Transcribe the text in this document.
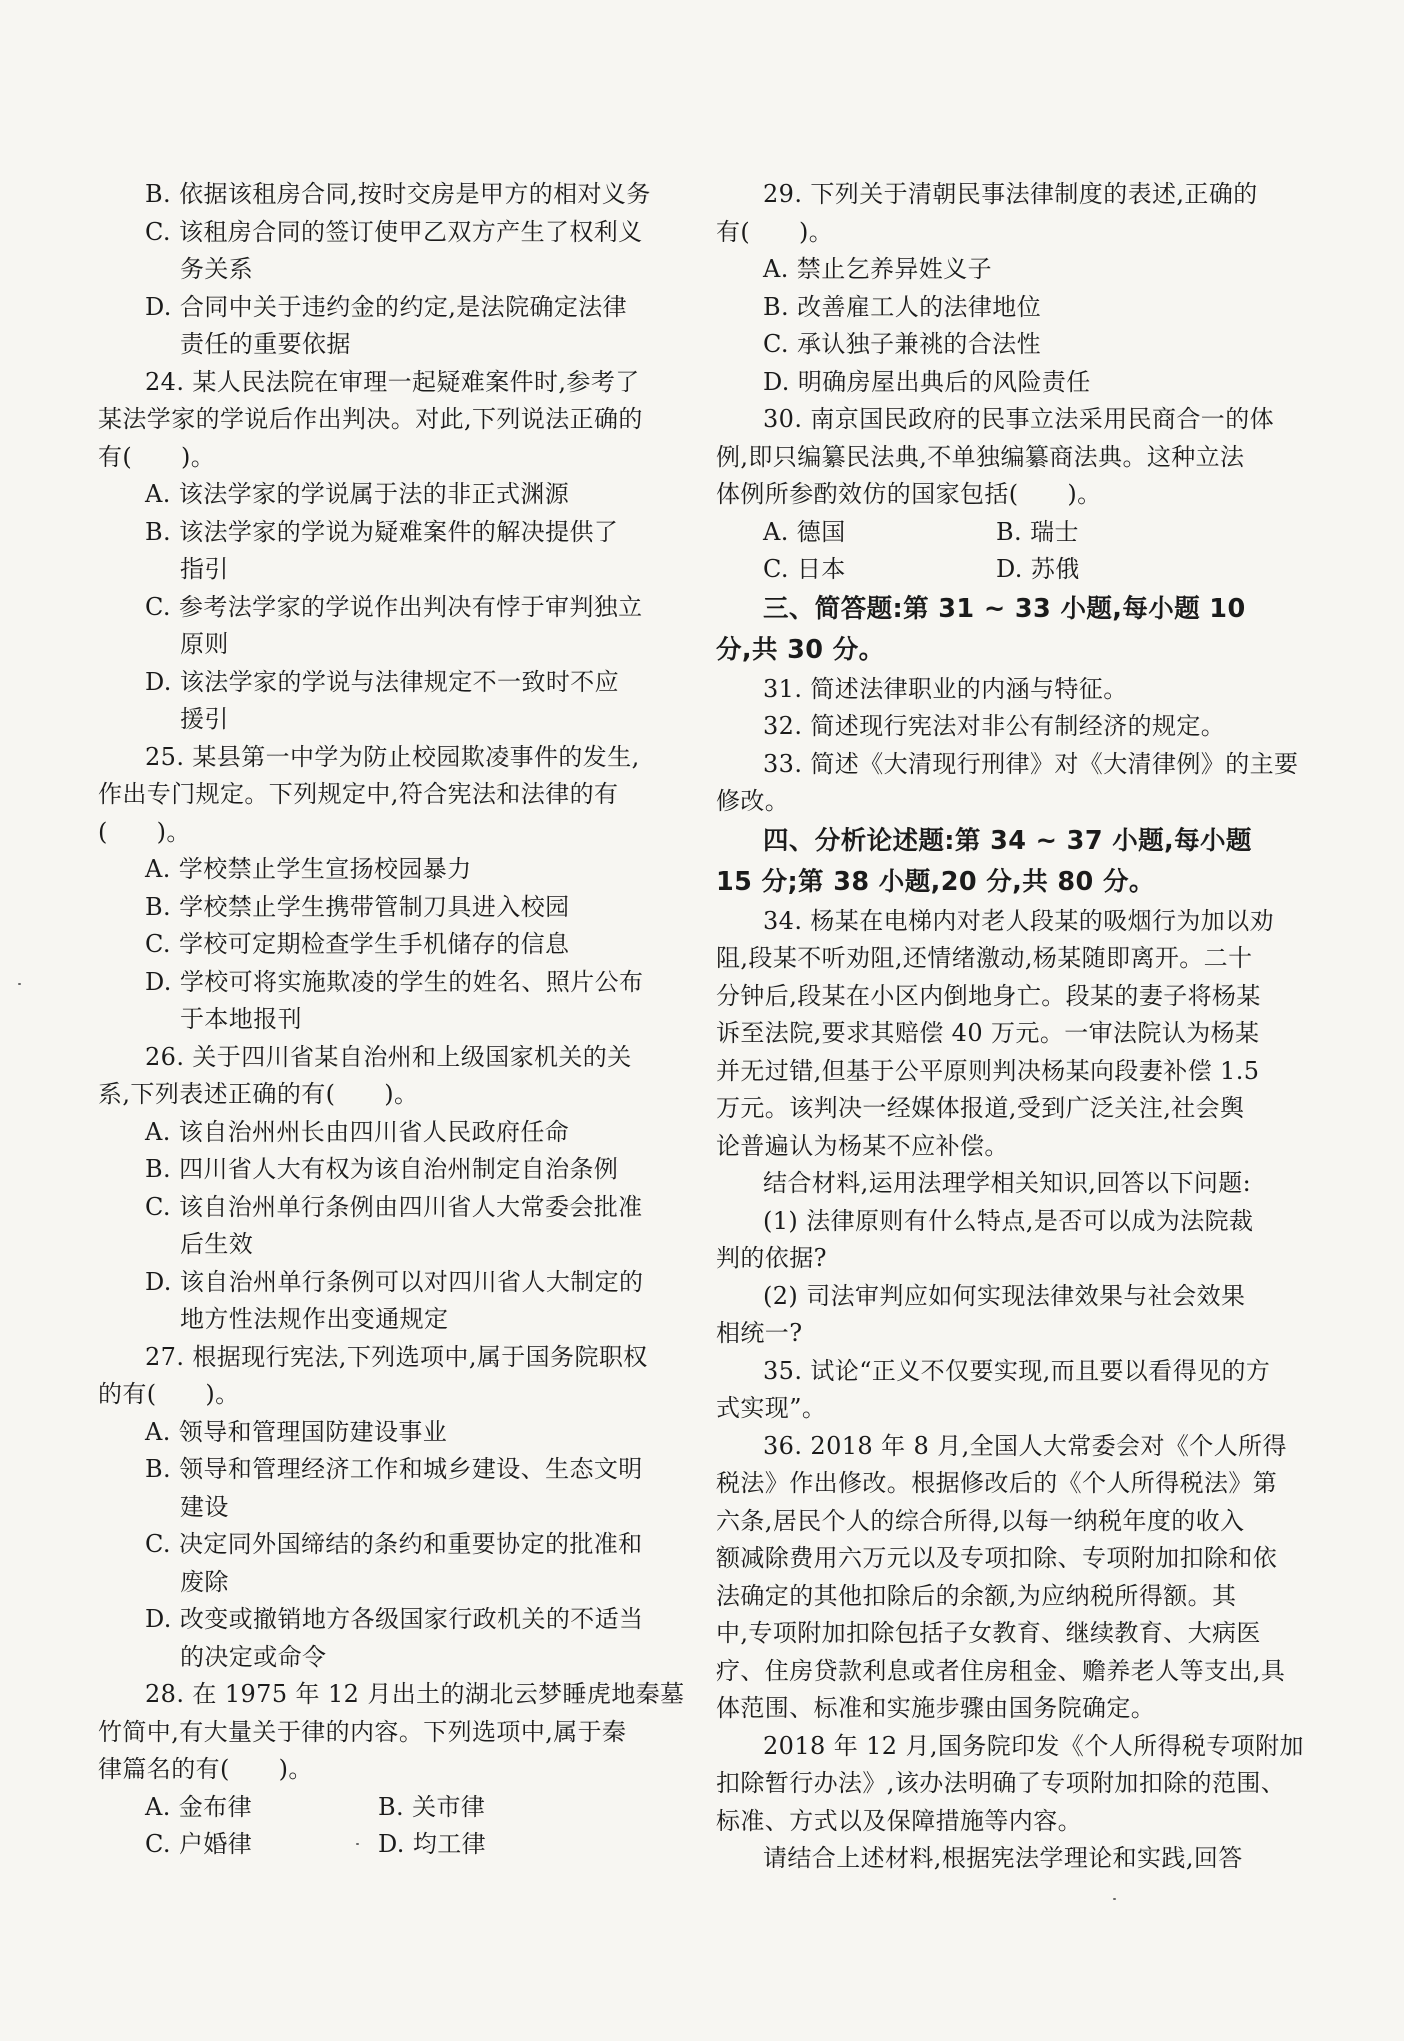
B. 依据该租房合同,按时交房是甲方的相对义务
C. 该租房合同的签订使甲乙双方产生了权利义
务关系
D. 合同中关于违约金的约定,是法院确定法律
责任的重要依据
24. 某人民法院在审理一起疑难案件时,参考了
某法学家的学说后作出判决。对此,下列说法正确的
有(　　)。
A. 该法学家的学说属于法的非正式渊源
B. 该法学家的学说为疑难案件的解决提供了
指引
C. 参考法学家的学说作出判决有悖于审判独立
原则
D. 该法学家的学说与法律规定不一致时不应
援引
25. 某县第一中学为防止校园欺凌事件的发生,
作出专门规定。下列规定中,符合宪法和法律的有
(　　)。
A. 学校禁止学生宣扬校园暴力
B. 学校禁止学生携带管制刀具进入校园
C. 学校可定期检查学生手机储存的信息
D. 学校可将实施欺凌的学生的姓名、照片公布
于本地报刊
26. 关于四川省某自治州和上级国家机关的关
系,下列表述正确的有(　　)。
A. 该自治州州长由四川省人民政府任命
B. 四川省人大有权为该自治州制定自治条例
C. 该自治州单行条例由四川省人大常委会批准
后生效
D. 该自治州单行条例可以对四川省人大制定的
地方性法规作出变通规定
27. 根据现行宪法,下列选项中,属于国务院职权
的有(　　)。
A. 领导和管理国防建设事业
B. 领导和管理经济工作和城乡建设、生态文明
建设
C. 决定同外国缔结的条约和重要协定的批准和
废除
D. 改变或撤销地方各级国家行政机关的不适当
的决定或命令
28. 在 1975 年 12 月出土的湖北云梦睡虎地秦墓
竹简中,有大量关于律的内容。下列选项中,属于秦
律篇名的有(　　)。
A. 金布律	B. 关市律
C. 户婚律	D. 均工律
29. 下列关于清朝民事法律制度的表述,正确的
有(　　)。
A. 禁止乞养异姓义子
B. 改善雇工人的法律地位
C. 承认独子兼祧的合法性
D. 明确房屋出典后的风险责任
30. 南京国民政府的民事立法采用民商合一的体
例,即只编纂民法典,不单独编纂商法典。这种立法
体例所参酌效仿的国家包括(　　)。
A. 德国	B. 瑞士
C. 日本	D. 苏俄
三、简答题:第 31 ~ 33 小题,每小题 10
分,共 30 分。
31. 简述法律职业的内涵与特征。
32. 简述现行宪法对非公有制经济的规定。
33. 简述《大清现行刑律》对《大清律例》的主要
修改。
四、分析论述题:第 34 ~ 37 小题,每小题
15 分;第 38 小题,20 分,共 80 分。
34. 杨某在电梯内对老人段某的吸烟行为加以劝
阻,段某不听劝阻,还情绪激动,杨某随即离开。二十
分钟后,段某在小区内倒地身亡。段某的妻子将杨某
诉至法院,要求其赔偿 40 万元。一审法院认为杨某
并无过错,但基于公平原则判决杨某向段妻补偿 1.5
万元。该判决一经媒体报道,受到广泛关注,社会舆
论普遍认为杨某不应补偿。
结合材料,运用法理学相关知识,回答以下问题:
(1) 法律原则有什么特点,是否可以成为法院裁
判的依据?
(2) 司法审判应如何实现法律效果与社会效果
相统一?
35. 试论“正义不仅要实现,而且要以看得见的方
式实现”。
36. 2018 年 8 月,全国人大常委会对《个人所得
税法》作出修改。根据修改后的《个人所得税法》第
六条,居民个人的综合所得,以每一纳税年度的收入
额减除费用六万元以及专项扣除、专项附加扣除和依
法确定的其他扣除后的余额,为应纳税所得额。其
中,专项附加扣除包括子女教育、继续教育、大病医
疗、住房贷款利息或者住房租金、赡养老人等支出,具
体范围、标准和实施步骤由国务院确定。
2018 年 12 月,国务院印发《个人所得税专项附加
扣除暂行办法》,该办法明确了专项附加扣除的范围、
标准、方式以及保障措施等内容。
请结合上述材料,根据宪法学理论和实践,回答
